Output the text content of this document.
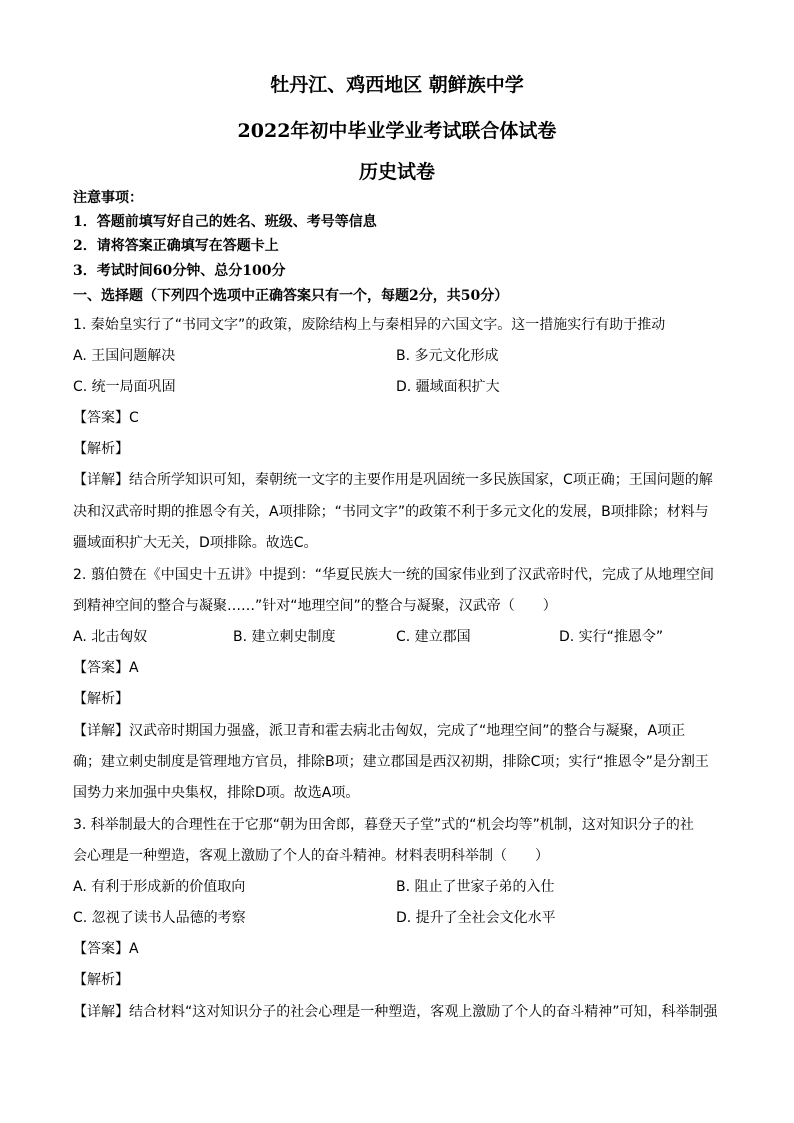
牡丹江、鸡西地区 朝鲜族中学
2022年初中毕业学业考试联合体试卷
历史试卷
注意事项：
1．答题前填写好自己的姓名、班级、考号等信息
2．请将答案正确填写在答题卡上
3．考试时间60分钟、总分100分
一、选择题（下列四个选项中正确答案只有一个，每题2分，共50分）
1. 秦始皇实行了“书同文字”的政策，废除结构上与秦相异的六国文字。这一措施实行有助于推动
A. 王国问题解决	B. 多元文化形成
C. 统一局面巩固	D. 疆域面积扩大
【答案】C
【解析】
【详解】结合所学知识可知，秦朝统一文字的主要作用是巩固统一多民族国家，C项正确；王国问题的解
决和汉武帝时期的推恩令有关，A项排除；“书同文字”的政策不利于多元文化的发展，B项排除；材料与
疆域面积扩大无关，D项排除。故选C。
2. 翦伯赞在《中国史十五讲》中提到：“华夏民族大一统的国家伟业到了汉武帝时代，完成了从地理空间
到精神空间的整合与凝聚……”针对“地理空间”的整合与凝聚，汉武帝（　　）
A. 北击匈奴	B. 建立刺史制度	C. 建立郡国	D. 实行“推恩令”
【答案】A
【解析】
【详解】汉武帝时期国力强盛，派卫青和霍去病北击匈奴，完成了“地理空间”的整合与凝聚，A项正
确；建立刺史制度是管理地方官员，排除B项；建立郡国是西汉初期，排除C项；实行“推恩令”是分割王
国势力来加强中央集权，排除D项。故选A项。
3. 科举制最大的合理性在于它那“朝为田舍郎，暮登天子堂”式的“机会均等”机制，这对知识分子的社
会心理是一种塑造，客观上激励了个人的奋斗精神。材料表明科举制（　　）
A. 有利于形成新的价值取向	B. 阻止了世家子弟的入仕
C. 忽视了读书人品德的考察	D. 提升了全社会文化水平
【答案】A
【解析】
【详解】结合材料“这对知识分子的社会心理是一种塑造，客观上激励了个人的奋斗精神”可知，科举制强
